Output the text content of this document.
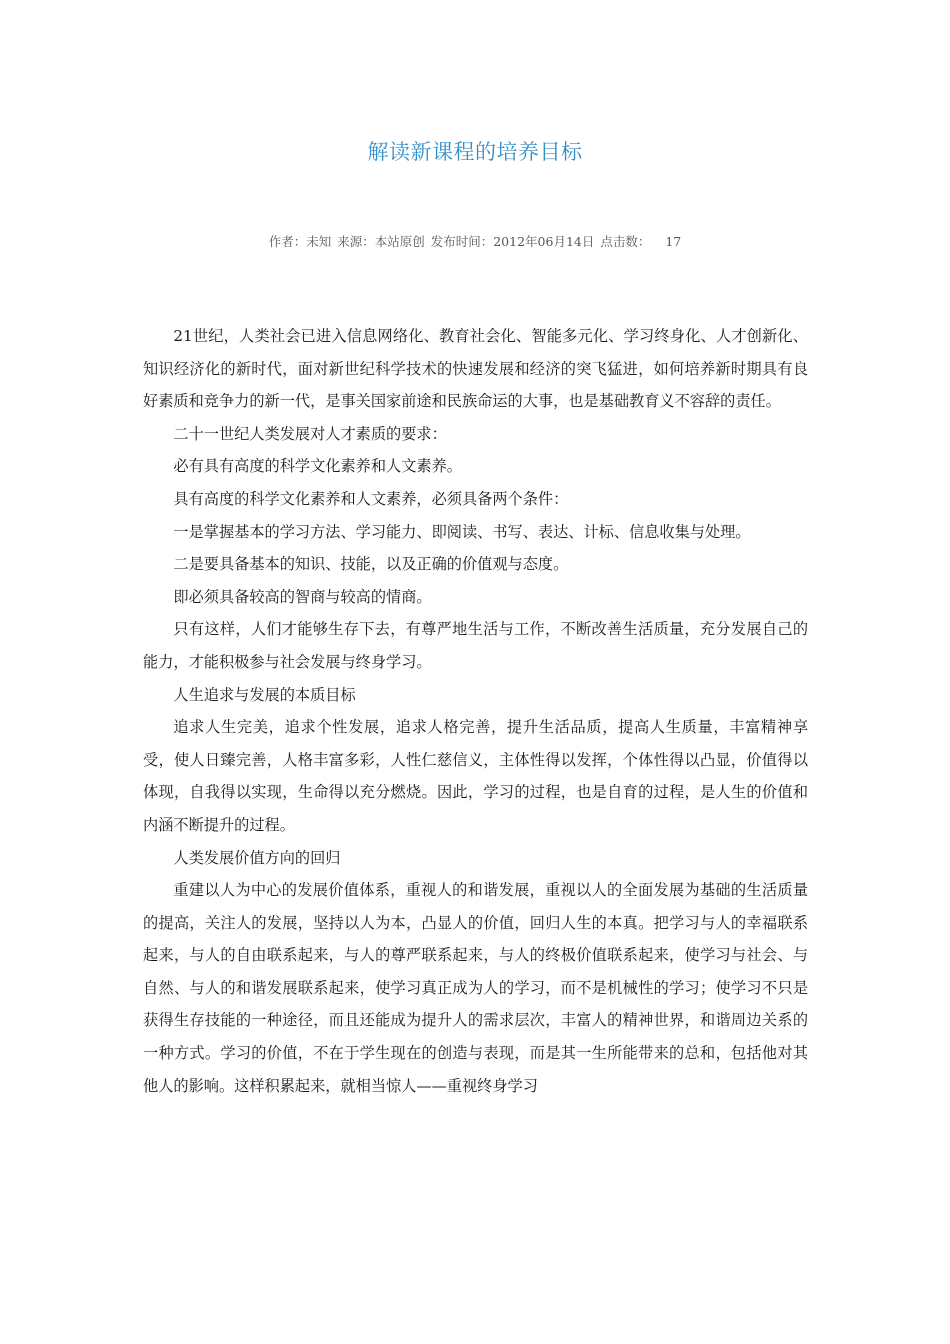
解读新课程的培养目标
作者：未知 来源：本站原创 发布时间：2012年06月14日 点击数： 17

21世纪，人类社会已进入信息网络化、教育社会化、智能多元化、学习终身化、人才创新化、知识经济化的新时代，面对新世纪科学技术的快速发展和经济的突飞猛进，如何培养新时期具有良好素质和竞争力的新一代，是事关国家前途和民族命运的大事，也是基础教育义不容辞的责任。

二十一世纪人类发展对人才素质的要求：

必有具有高度的科学文化素养和人文素养。

具有高度的科学文化素养和人文素养，必须具备两个条件：

一是掌握基本的学习方法、学习能力、即阅读、书写、表达、计标、信息收集与处理。

二是要具备基本的知识、技能，以及正确的价值观与态度。

即必须具备较高的智商与较高的情商。

只有这样，人们才能够生存下去，有尊严地生活与工作，不断改善生活质量，充分发展自己的能力，才能积极参与社会发展与终身学习。

人生追求与发展的本质目标

追求人生完美，追求个性发展，追求人格完善，提升生活品质，提高人生质量，丰富精神享受，使人日臻完善，人格丰富多彩，人性仁慈信义，主体性得以发挥，个体性得以凸显，价值得以体现，自我得以实现，生命得以充分燃烧。因此，学习的过程，也是自育的过程，是人生的价值和内涵不断提升的过程。

人类发展价值方向的回归

重建以人为中心的发展价值体系，重视人的和谐发展，重视以人的全面发展为基础的生活质量的提高，关注人的发展，坚持以人为本，凸显人的价值，回归人生的本真。把学习与人的幸福联系起来，与人的自由联系起来，与人的尊严联系起来，与人的终极价值联系起来，使学习与社会、与自然、与人的和谐发展联系起来，使学习真正成为人的学习，而不是机械性的学习；使学习不只是获得生存技能的一种途径，而且还能成为提升人的需求层次，丰富人的精神世界，和谐周边关系的一种方式。学习的价值，不在于学生现在的创造与表现，而是其一生所能带来的总和，包括他对其他人的影响。这样积累起来，就相当惊人——重视终身学习
